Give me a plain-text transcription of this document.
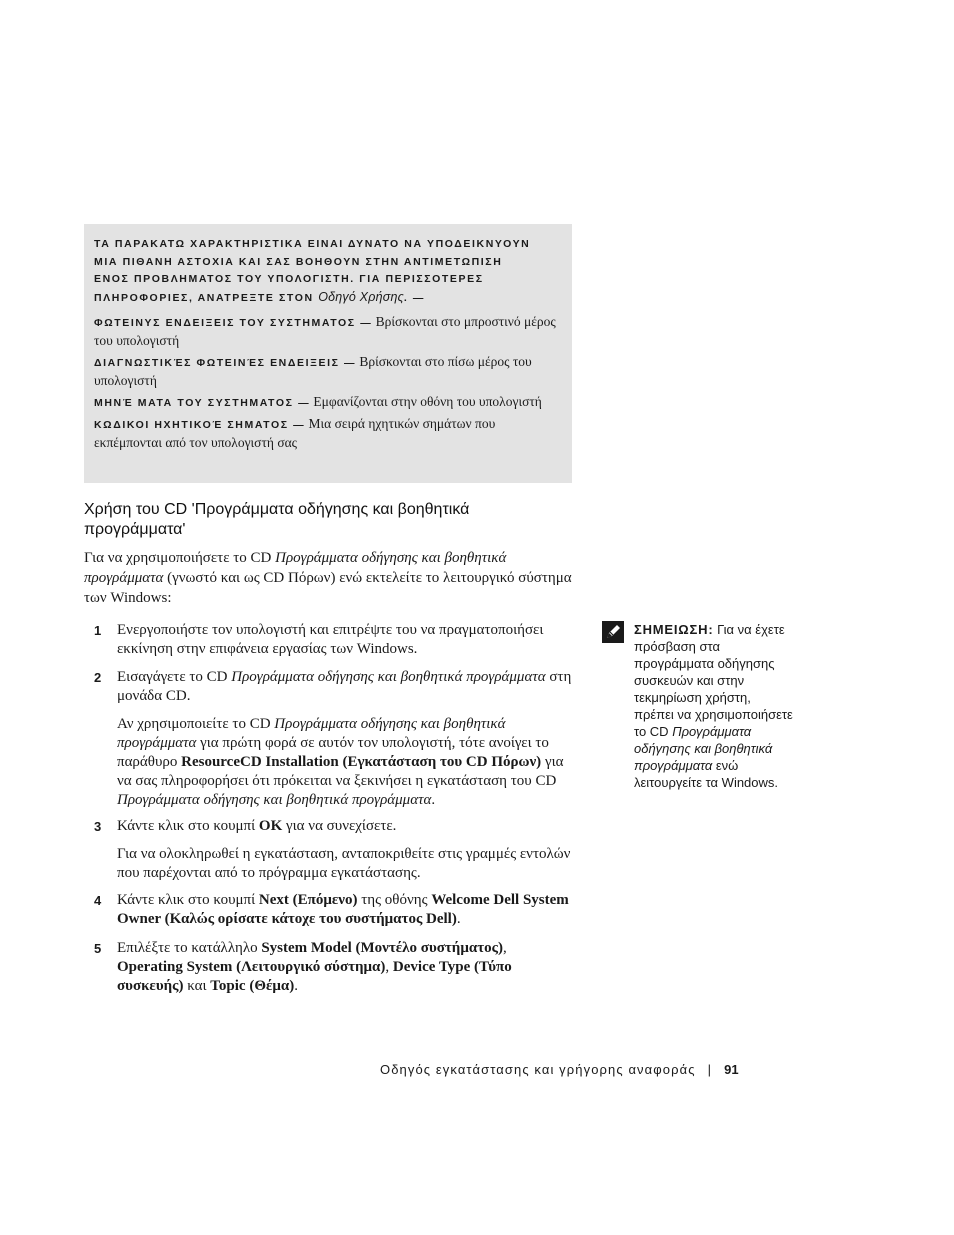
ΤΑ ΠΑΡΑΚΑΤΩ ΧΑΡΑΚΤΗΡΙΣΤΙΚΑ ΕΙΝΑΙ ΔΥΝΑΤΟ ΝΑ ΥΠΟΔΕΙΚΝΥΟΥΝ
ΜΙΑ ΠΙΘΑΝΗ ΑΣΤΟΧΙΑ ΚΑΙ ΣΑΣ ΒΟΗΘΟΥΝ ΣΤΗΝ ΑΝΤΙΜΕΤΩΠΙΣΗ
ΕΝΟΣ ΠΡΟΒΛΗΜΑΤΟΣ ΤΟΥ ΥΠΟΛΟΓΙΣΤΗ. ΓΙΑ ΠΕΡΙΣΣΟΤΕΡΕΣ
ΠΛΗΡΟΦΟΡΙΕΣ, ΑΝΑΤΡΕΞΤΕ ΣΤΟΝ Οδηγό Χρήσης. —
ΦΩΤΕΙΝΥΣ ΕΝΔΕΙΞΕΙΣ ΤΟΥ ΣΥΣΤΗΜΑΤΟΣ — Βρίσκονται στο μπροστινό μέρος του υπολογιστή
ΔΙΑΓΝΩΣΤΙΚΈΣ ΦΩΤΕΙΝΈΣ ΕΝΔΕΙΞΕΙΣ — Βρίσκονται στο πίσω μέρος του υπολογιστή
ΜΗΝΈ ΜΑΤΑ ΤΟΥ ΣΥΣΤΗΜΑΤΟΣ — Εμφανίζονται στην οθόνη του υπολογιστή
ΚΩΔΙΚΟΙ ΗΧΗΤΙΚΟΈ ΣΗΜΑΤΟΣ — Μια σειρά ηχητικών σημάτων που εκπέμπονται από τον υπολογιστή σας
Χρήση του CD 'Προγράμματα οδήγησης και βοηθητικά
προγράμματα'
Για να χρησιμοποιήσετε το CD Προγράμματα οδήγησης και βοηθητικά προγράμματα (γνωστό και ως CD Πόρων) ενώ εκτελείτε το λειτουργικό σύστημα των Windows:
1 Ενεργοποιήστε τον υπολογιστή και επιτρέψτε του να πραγματοποιήσει εκκίνηση στην επιφάνεια εργασίας των Windows.
2 Εισαγάγετε το CD Προγράμματα οδήγησης και βοηθητικά προγράμματα στη μονάδα CD.
Αν χρησιμοποιείτε το CD Προγράμματα οδήγησης και βοηθητικά προγράμματα για πρώτη φορά σε αυτόν τον υπολογιστή, τότε ανοίγει το παράθυρο ResourceCD Installation (Εγκατάσταση του CD Πόρων) για να σας πληροφορήσει ότι πρόκειται να ξεκινήσει η εγκατάσταση του CD Προγράμματα οδήγησης και βοηθητικά προγράμματα.
3 Κάντε κλικ στο κουμπί OK για να συνεχίσετε.
Για να ολοκληρωθεί η εγκατάσταση, ανταποκριθείτε στις γραμμές εντολών που παρέχονται από το πρόγραμμα εγκατάστασης.
4 Κάντε κλικ στο κουμπί Next (Επόμενο) της οθόνης Welcome Dell System Owner (Καλώς ορίσατε κάτοχε του συστήματος Dell).
5 Επιλέξτε το κατάλληλο System Model (Μοντέλο συστήματος), Operating System (Λειτουργικό σύστημα), Device Type (Τύπο συσκευής) και Topic (Θέμα).
ΣΗΜΕΙΩΣΗ: Για να έχετε πρόσβαση στα προγράμματα οδήγησης συσκευών και στην τεκμηρίωση χρήστη, πρέπει να χρησιμοποιήσετε το CD Προγράμματα οδήγησης και βοηθητικά προγράμματα ενώ λειτουργείτε τα Windows.
Οδηγός εγκατάστασης και γρήγορης αναφοράς | 91
